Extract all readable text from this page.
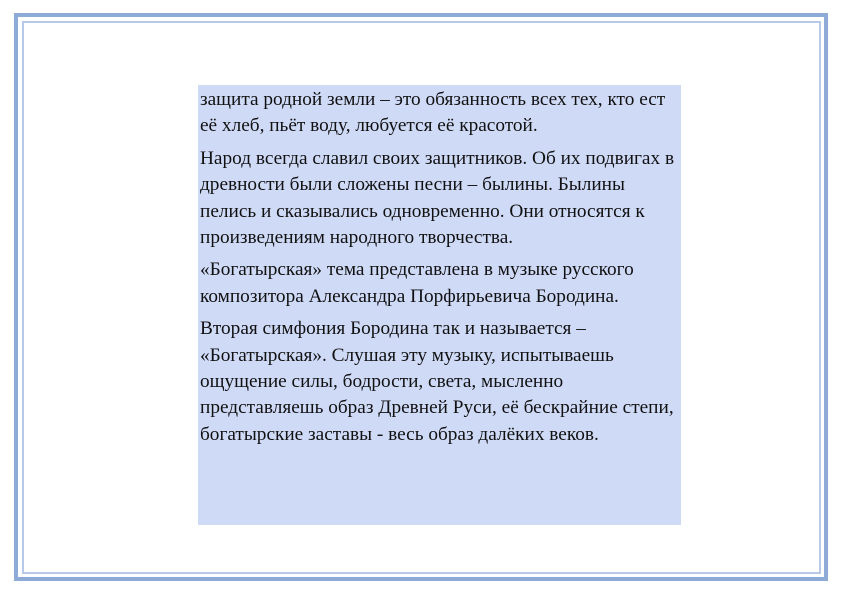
защита родной земли – это обязанность всех тех, кто ест её хлеб, пьёт воду, любуется её красотой.

Народ всегда славил своих защитников. Об их подвигах в древности были сложены песни – былины. Былины пелись и сказывались одновременно. Они относятся к произведениям народного творчества.

«Богатырская» тема представлена в музыке русского композитора Александра Порфирьевича Бородина.

Вторая симфония Бородина так и называется – «Богатырская». Слушая эту музыку, испытываешь ощущение силы, бодрости, света, мысленно представляешь образ Древней Руси, её бескрайние степи, богатырские заставы - весь образ далёких веков.
